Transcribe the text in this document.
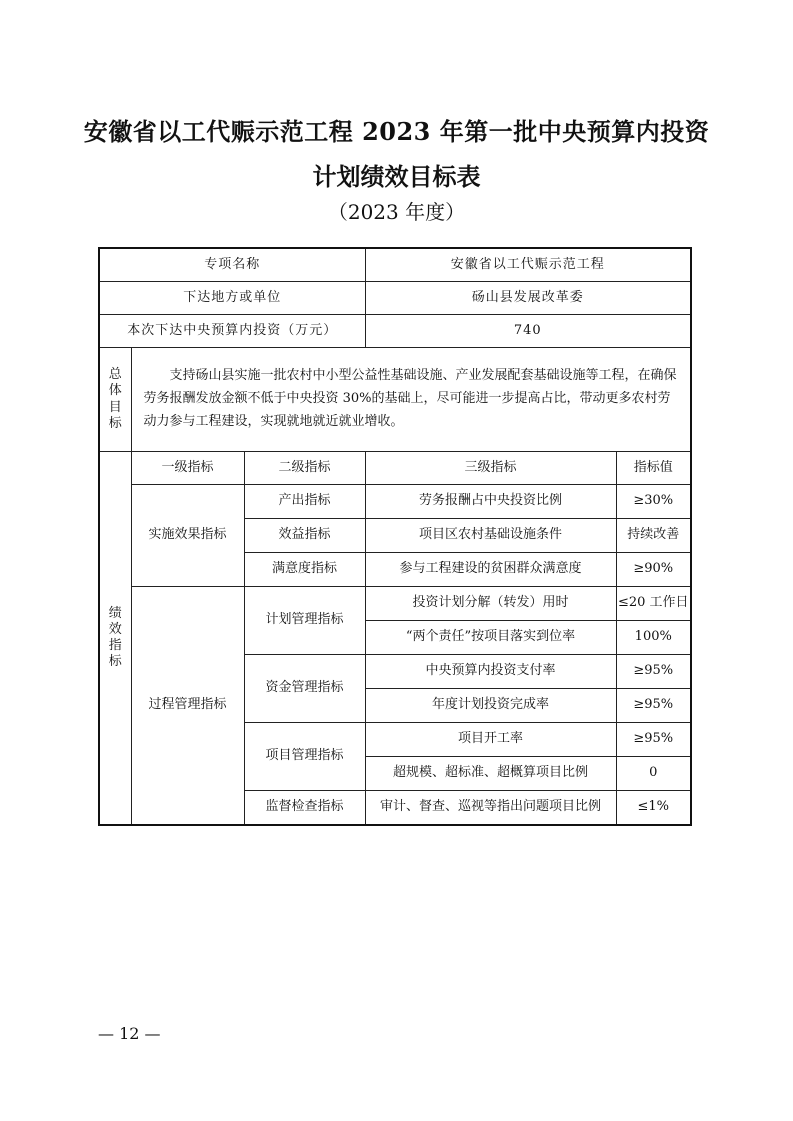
安徽省以工代赈示范工程 2023 年第一批中央预算内投资
计划绩效目标表
（2023 年度）
专项名称			安徽省以工代赈示范工程	
下达地方或单位			砀山县发展改革委	
本次下达中央预算内投资（万元）			740	
总
体
目
标	支持砀山县实施一批农村中小型公益性基础设施、产业发展配套基础设施等工程，在确保劳务报酬发放金额不低于中央投资 30%的基础上，尽可能进一步提高占比，带动更多农村劳动力参与工程建设，实现就地就近就业增收。			
绩
效
指
标	一级指标	二级指标	三级指标	指标值
	实施效果指标	产出指标	劳务报酬占中央投资比例	≥30%
		效益指标	项目区农村基础设施条件	持续改善
		满意度指标	参与工程建设的贫困群众满意度	≥90%
	过程管理指标	计划管理指标	投资计划分解（转发）用时	≤20 工作日
			“两个责任”按项目落实到位率	100%
		资金管理指标	中央预算内投资支付率	≥95%
			年度计划投资完成率	≥95%
		项目管理指标	项目开工率	≥95%
			超规模、超标准、超概算项目比例	0
		监督检查指标	审计、督查、巡视等指出问题项目比例	≤1%
— 12 —
